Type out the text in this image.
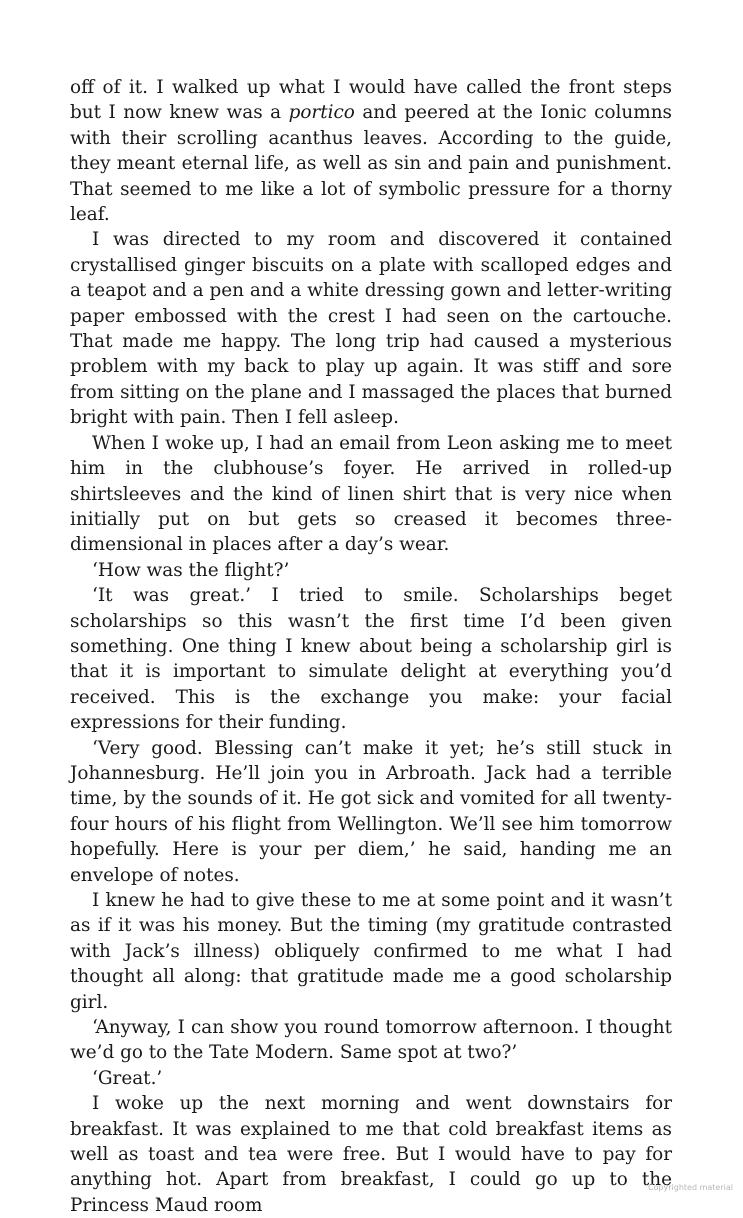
off of it. I walked up what I would have called the front steps but I now knew was a portico and peered at the Ionic columns with their scrolling acanthus leaves. According to the guide, they meant eternal life, as well as sin and pain and punishment. That seemed to me like a lot of symbolic pressure for a thorny leaf.

I was directed to my room and discovered it contained crystallised ginger biscuits on a plate with scalloped edges and a teapot and a pen and a white dressing gown and letter-writing paper embossed with the crest I had seen on the cartouche. That made me happy. The long trip had caused a mysterious problem with my back to play up again. It was stiff and sore from sitting on the plane and I massaged the places that burned bright with pain. Then I fell asleep.

When I woke up, I had an email from Leon asking me to meet him in the clubhouse’s foyer. He arrived in rolled-up shirtsleeves and the kind of linen shirt that is very nice when initially put on but gets so creased it becomes three-dimensional in places after a day’s wear.

‘How was the flight?’

‘It was great.’ I tried to smile. Scholarships beget scholarships so this wasn’t the first time I’d been given something. One thing I knew about being a scholarship girl is that it is important to simulate delight at everything you’d received. This is the exchange you make: your facial expressions for their funding.

‘Very good. Blessing can’t make it yet; he’s still stuck in Johannesburg. He’ll join you in Arbroath. Jack had a terrible time, by the sounds of it. He got sick and vomited for all twenty-four hours of his flight from Wellington. We’ll see him tomorrow hopefully. Here is your per diem,’ he said, handing me an envelope of notes.

I knew he had to give these to me at some point and it wasn’t as if it was his money. But the timing (my gratitude contrasted with Jack’s illness) obliquely confirmed to me what I had thought all along: that gratitude made me a good scholarship girl.

‘Anyway, I can show you round tomorrow afternoon. I thought we’d go to the Tate Modern. Same spot at two?’

‘Great.’

I woke up the next morning and went downstairs for breakfast. It was explained to me that cold breakfast items as well as toast and tea were free. But I would have to pay for anything hot. Apart from breakfast, I could go up to the Princess Maud room

Copyrighted material
